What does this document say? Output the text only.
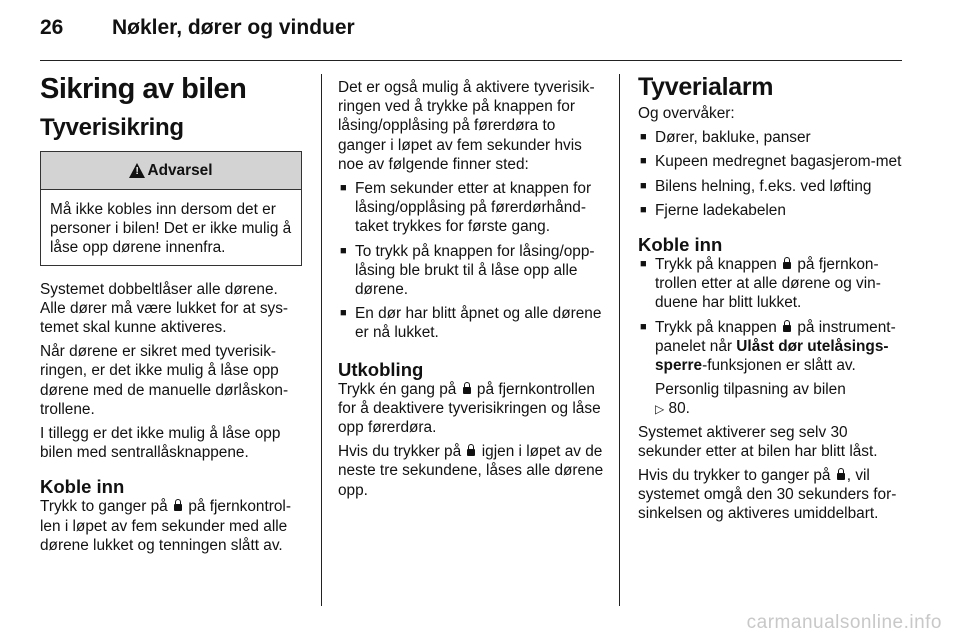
26 Nøkler, dører og vinduer
Sikring av bilen
Tyverisikring
!
Advarsel
Må ikke kobles inn dersom det er personer i bilen! Det er ikke mulig å låse opp dørene innenfra.

Systemet dobbeltlåser alle dørene. Alle dører må være lukket for at sys-temet skal kunne aktiveres.

Når dørene er sikret med tyverisik-ringen, er det ikke mulig å låse opp dørene med de manuelle dørlåskon-trollene.

I tillegg er det ikke mulig å låse opp bilen med sentrallåsknappene.

Koble inn

Trykk to ganger på på fjernkontrol-len i løpet av fem sekunder med alle dørene lukket og tenningen slått av.

Det er også mulig å aktivere tyverisik-ringen ved å trykke på knappen for låsing/opplåsing på førerdøra to ganger i løpet av fem sekunder hvis noe av følgende finner sted:

■ Fem sekunder etter at knappen for låsing/opplåsing på førerdørhånd-taket trykkes for første gang.
■ To trykk på knappen for låsing/opp-låsing ble brukt til å låse opp alle dørene.
■ En dør har blitt åpnet og alle dørene er nå lukket.
Utkobling

Trykk én gang på på fjernkontrollen for å deaktivere tyverisikringen og låse opp førerdøra.

Hvis du trykker på igjen i løpet av de neste tre sekundene, låses alle dørene opp.

Tyverialarm

Og overvåker:

■ Dører, bakluke, panser
■ Kupeen medregnet bagasjerom-met
■ Bilens helning, f.eks. ved løfting
■ Fjerne ladekabelen
Koble inn
■ Trykk på knappen på fjernkon-trollen etter at alle dørene og vin-duene har blitt lukket.
■ Trykk på knappen på instrument-panelet når Ulåst dør utelåsings-sperre-funksjonen er slått av.
Personlig tilpasning av bilen
▷ 80.

Systemet aktiverer seg selv 30 sekunder etter at bilen har blitt låst.

Hvis du trykker to ganger på , vil systemet omgå den 30 sekunders for-sinkelsen og aktiveres umiddelbart.

carmanualsonline.info
